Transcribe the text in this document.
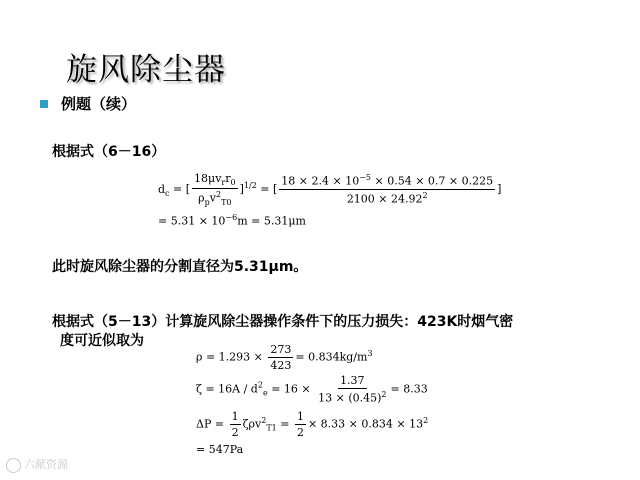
旋风除尘器
例题（续）
根据式（6－16）
$d_c$ = [ $\frac{18\mu v_rr_0}{\rho_pv^2_{T0}} ]^{1/2}$ = [ $\frac{18 \times 2.4 \times 10^{-5} \times 0.54 \times 0.7 \times 0.225}{2100 \times 24.92^2}$ ]
= $5.31 \times 10^{-6}m = 5.31\mu m$
此时旋风除尘器的分割直径为5.31μm。
根据式（5－13）计算旋风除尘器操作条件下的压力损失：423K时烟气密
度可近似取为
$\rho = 1.293 \times \frac{273}{423} = 0.834kg/m^3$
$\zeta = 16A / d^2_e = 16 \times \frac{1.37}{13 \times (0.45)^2} = 8.33$
$\Delta P = \frac{1}{2} \zeta\rho v^2_{T1} = \frac{1}{2} \times 8.33 \times 0.834 \times 13^2$
= 547Pa
六献资源
